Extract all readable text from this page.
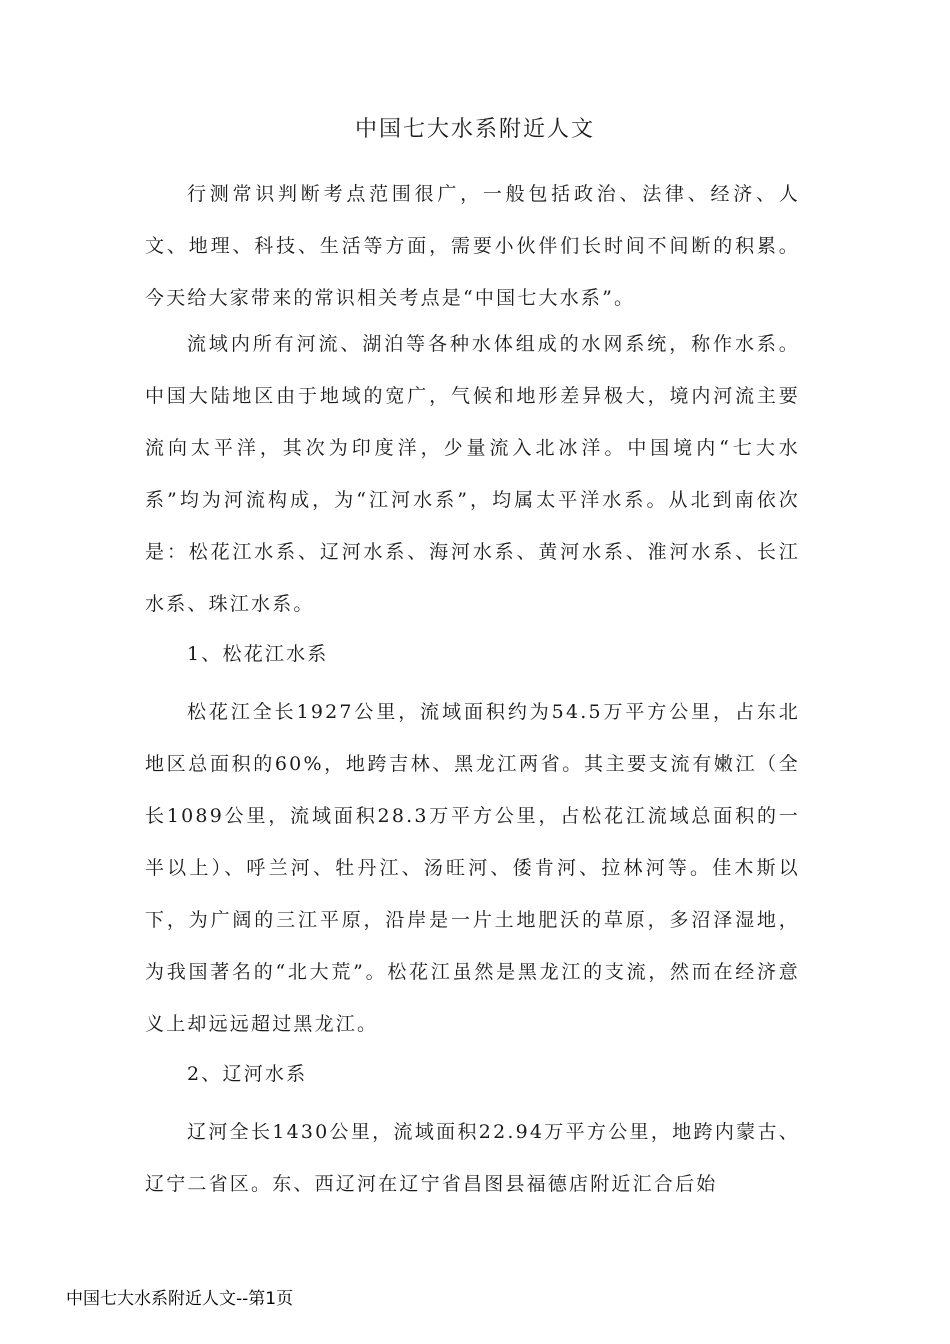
中国七大水系附近人文

行测常识判断考点范围很广，一般包括政治、法律、经济、人文、地理、科技、生活等方面，需要小伙伴们长时间不间断的积累。今天给大家带来的常识相关考点是“中国七大水系”。

流域内所有河流、湖泊等各种水体组成的水网系统，称作水系。中国大陆地区由于地域的宽广，气候和地形差异极大，境内河流主要流向太平洋，其次为印度洋，少量流入北冰洋。中国境内“七大水系”均为河流构成，为“江河水系”，均属太平洋水系。从北到南依次是：松花江水系、辽河水系、海河水系、黄河水系、淮河水系、长江水系、珠江水系。

1、松花江水系

松花江全长1927公里，流域面积约为54.5万平方公里，占东北地区总面积的60%，地跨吉林、黑龙江两省。其主要支流有嫩江（全长1089公里，流域面积28.3万平方公里，占松花江流域总面积的一半以上）、呼兰河、牡丹江、汤旺河、倭肯河、拉林河等。佳木斯以下，为广阔的三江平原，沿岸是一片土地肥沃的草原，多沼泽湿地，为我国著名的“北大荒”。松花江虽然是黑龙江的支流，然而在经济意义上却远远超过黑龙江。

2、辽河水系

辽河全长1430公里，流域面积22.94万平方公里，地跨内蒙古、辽宁二省区。东、西辽河在辽宁省昌图县福德店附近汇合后始

中国七大水系附近人文--第1页
